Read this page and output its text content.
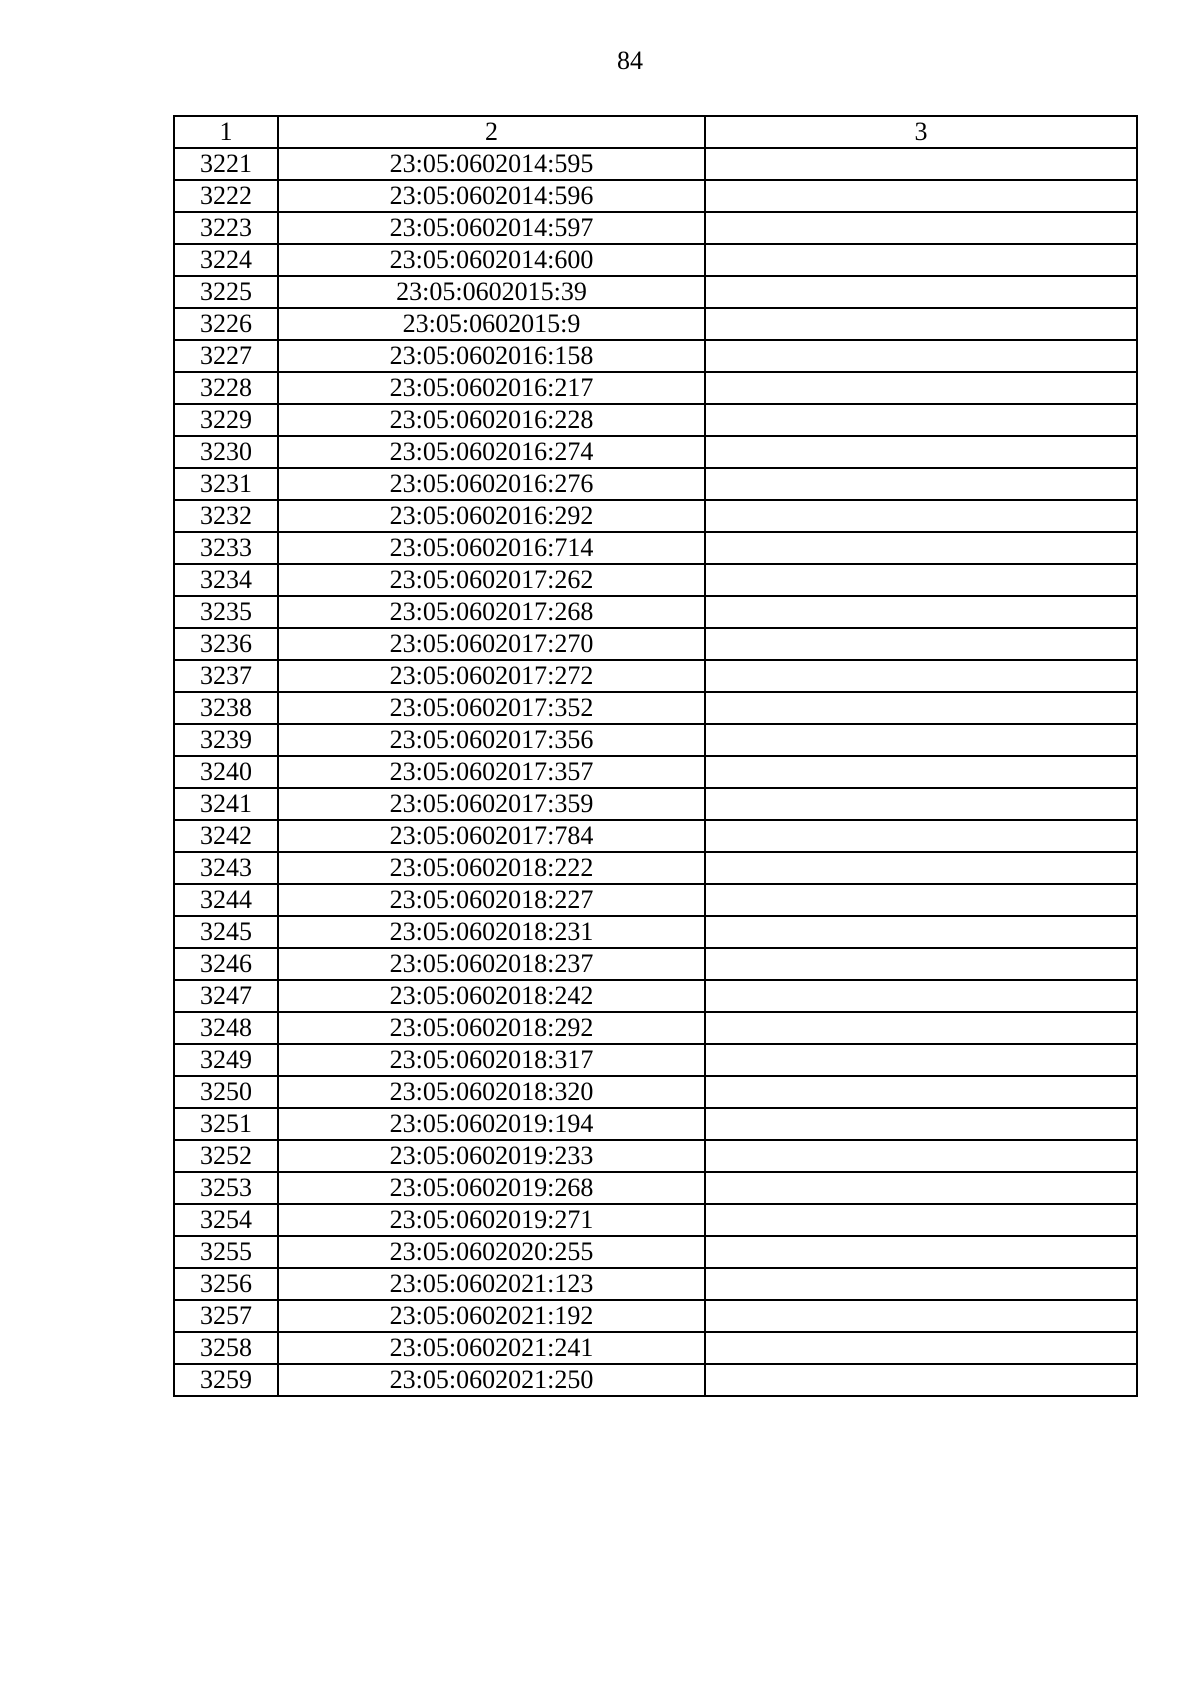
84
1	2	3
3221	23:05:0602014:595	
3222	23:05:0602014:596	
3223	23:05:0602014:597	
3224	23:05:0602014:600	
3225	23:05:0602015:39	
3226	23:05:0602015:9	
3227	23:05:0602016:158	
3228	23:05:0602016:217	
3229	23:05:0602016:228	
3230	23:05:0602016:274	
3231	23:05:0602016:276	
3232	23:05:0602016:292	
3233	23:05:0602016:714	
3234	23:05:0602017:262	
3235	23:05:0602017:268	
3236	23:05:0602017:270	
3237	23:05:0602017:272	
3238	23:05:0602017:352	
3239	23:05:0602017:356	
3240	23:05:0602017:357	
3241	23:05:0602017:359	
3242	23:05:0602017:784	
3243	23:05:0602018:222	
3244	23:05:0602018:227	
3245	23:05:0602018:231	
3246	23:05:0602018:237	
3247	23:05:0602018:242	
3248	23:05:0602018:292	
3249	23:05:0602018:317	
3250	23:05:0602018:320	
3251	23:05:0602019:194	
3252	23:05:0602019:233	
3253	23:05:0602019:268	
3254	23:05:0602019:271	
3255	23:05:0602020:255	
3256	23:05:0602021:123	
3257	23:05:0602021:192	
3258	23:05:0602021:241	
3259	23:05:0602021:250	
